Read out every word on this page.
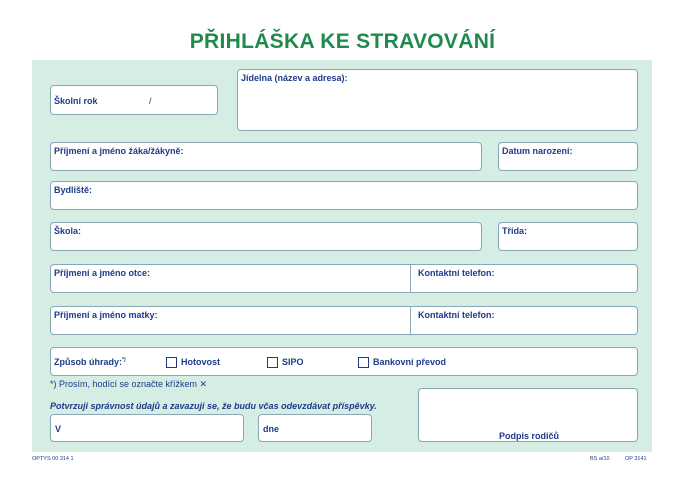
PŘIHLÁŠKA KE STRAVOVÁNÍ
Školní rok	/
Jídelna (název a adresa):
Příjmení a jméno žáka/žákyně:	Datum narození:
Bydliště:
Škola:	Třída:
Příjmení a jméno otce:	Kontaktní telefon:
Příjmení a jméno matky:	Kontaktní telefon:
Způsob úhrady:*)	Hotovost	SIPO	Bankovní převod
*) Prosím, hodící se označte křížkem ✕
Potvrzuji správnost údajů a zavazuji se, že budu včas odevzdávat příspěvky.
V	dne
Podpis rodičů
OPTYS 00 314 1	BS a/10	OP 3141
